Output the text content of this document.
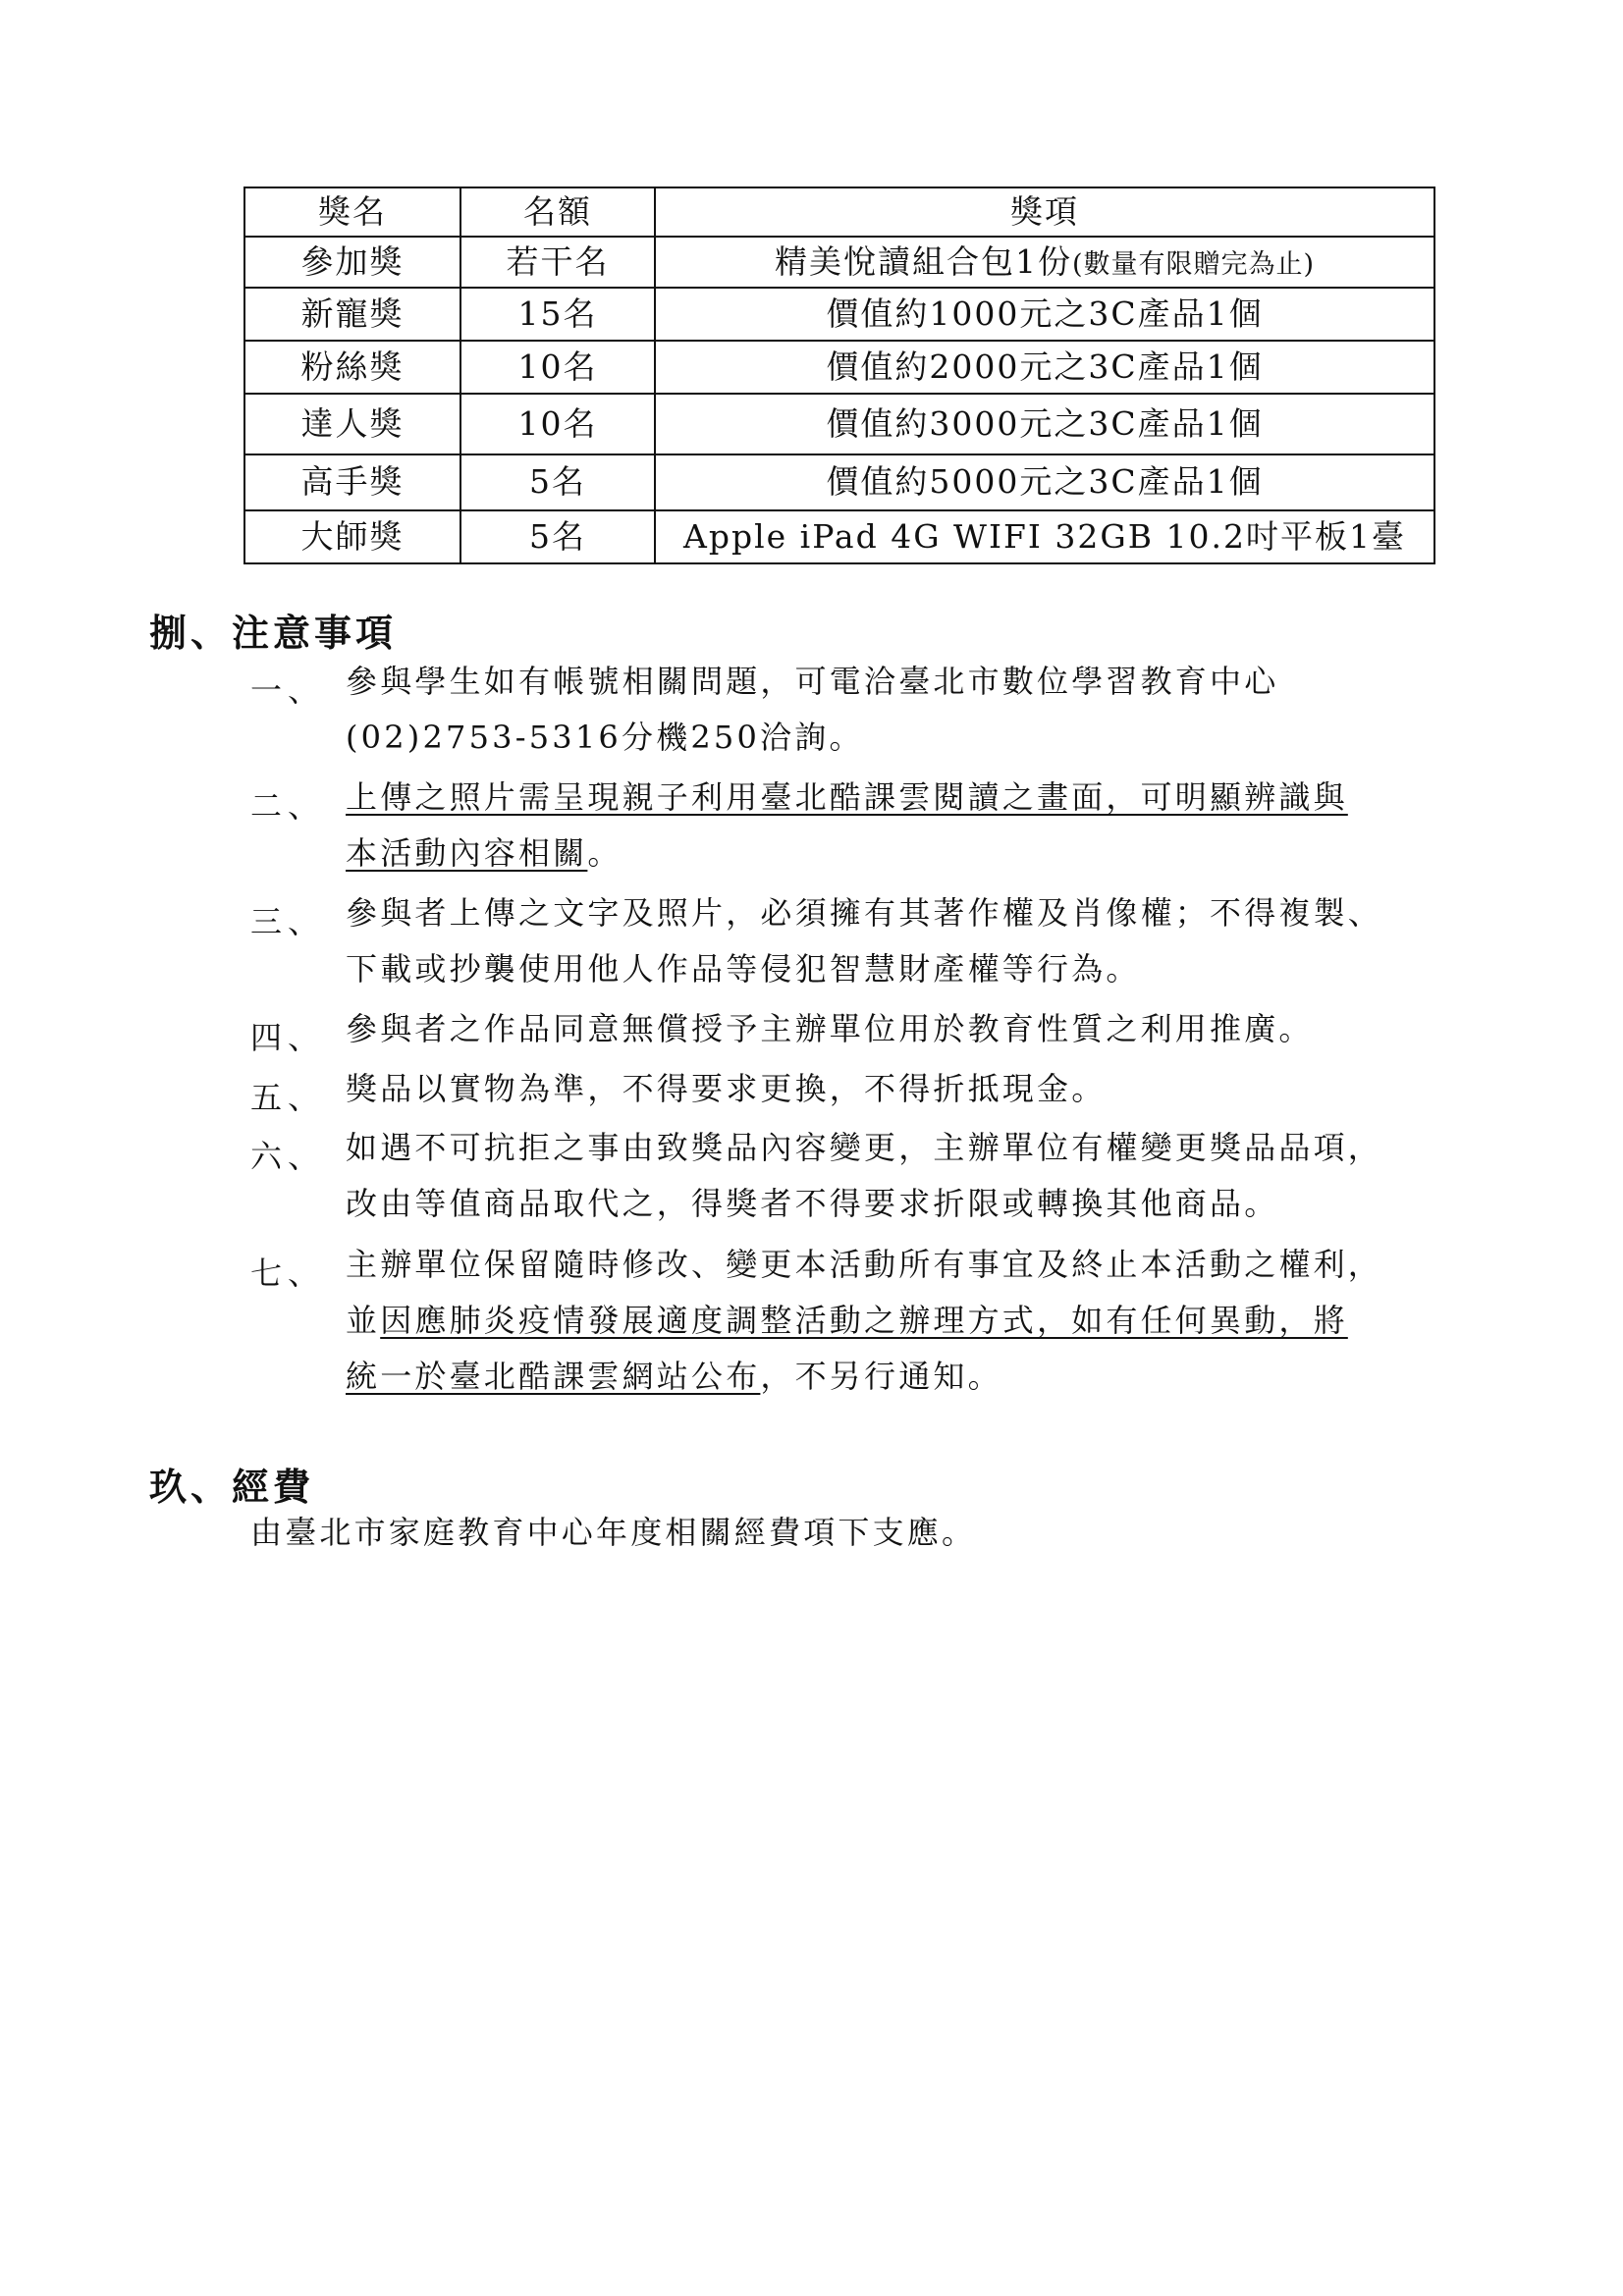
獎名	名額	獎項
參加獎	若干名	精美悅讀組合包1份(數量有限贈完為止)
新寵獎	15名	價值約1000元之3C產品1個
粉絲獎	10名	價值約2000元之3C產品1個
達人獎	10名	價值約3000元之3C產品1個
高手獎	5名	價值約5000元之3C產品1個
大師獎	5名	Apple iPad 4G WIFI 32GB 10.2吋平板1臺
捌、注意事項
一、 參與學生如有帳號相關問題，可電洽臺北市數位學習教育中心
(02)2753-5316分機250洽詢。
二、 上傳之照片需呈現親子利用臺北酷課雲閱讀之畫面，可明顯辨識與
本活動內容相關。
三、 參與者上傳之文字及照片，必須擁有其著作權及肖像權；不得複製、
下載或抄襲使用他人作品等侵犯智慧財產權等行為。
四、 參與者之作品同意無償授予主辦單位用於教育性質之利用推廣。
五、 獎品以實物為準，不得要求更換，不得折抵現金。
六、 如遇不可抗拒之事由致獎品內容變更，主辦單位有權變更獎品品項，
改由等值商品取代之，得獎者不得要求折限或轉換其他商品。
七、 主辦單位保留隨時修改、變更本活動所有事宜及終止本活動之權利，
並因應肺炎疫情發展適度調整活動之辦理方式，如有任何異動，將
統一於臺北酷課雲網站公布，不另行通知。
玖、經費
由臺北市家庭教育中心年度相關經費項下支應。
